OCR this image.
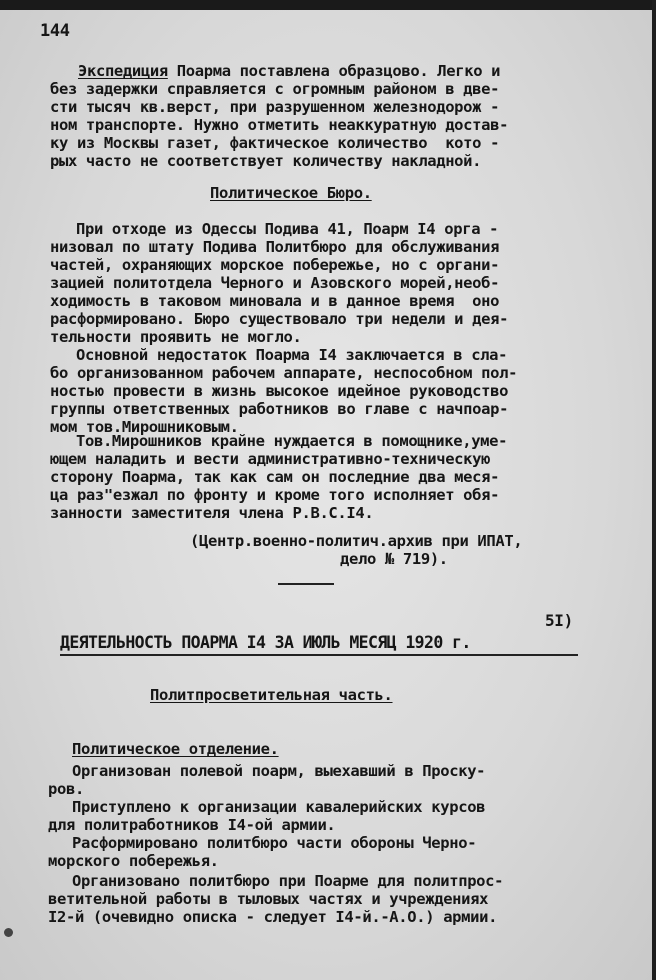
144
Экспедиция Поарма поставлена образцово. Легко и
без задержки справляется с огромным районом в две-
сти тысяч кв.верст, при разрушенном железнодорож -
ном транспорте. Нужно отметить неаккуратную достав-
ку из Москвы газет, фактическое количество  кото -
рых часто не соответствует количеству накладной.
Политическое Бюро.
При отходе из Одессы Подива 41, Поарм I4 орга -
низовал по штату Подива Политбюро для обслуживания
частей, охраняющих морское побережье, но с органи-
зацией политотдела Черного и Азовского морей,необ-
ходимость в таковом миновала и в данное время  оно
расформировано. Бюро существовало три недели и дея-
тельности проявить не могло.
Основной недостаток Поарма I4 заключается в сла-
бо организованном рабочем аппарате, неспособном пол-
ностью провести в жизнь высокое идейное руководство
группы ответственных работников во главе с начпоар-
мом тов.Мирошниковым.
Тов.Мирошников крайне нуждается в помощнике,уме-
ющем наладить и вести административно-техническую
сторону Поарма, так как сам он последние два меся-
ца раз"езжал по фронту и кроме того исполняет обя-
занности заместителя члена Р.В.С.I4.
(Центр.военно-политич.архив при ИПАТ,
дело № 719).
5I)
ДЕЯТЕЛЬНОСТЬ ПОАРМА I4 ЗА ИЮЛЬ МЕСЯЦ 1920 г.
Политпросветительная часть.
Политическое отделение.
Организован полевой поарм, выехавший в Проску-
ров.
Приступлено к организации кавалерийских курсов
для политработников I4-ой армии.
Расформировано политбюро части обороны Черно-
морского побережья.
Организовано политбюро при Поарме для политпрос-
ветительной работы в тыловых частях и учреждениях
I2-й (очевидно описка - следует I4-й.-А.О.) армии.
